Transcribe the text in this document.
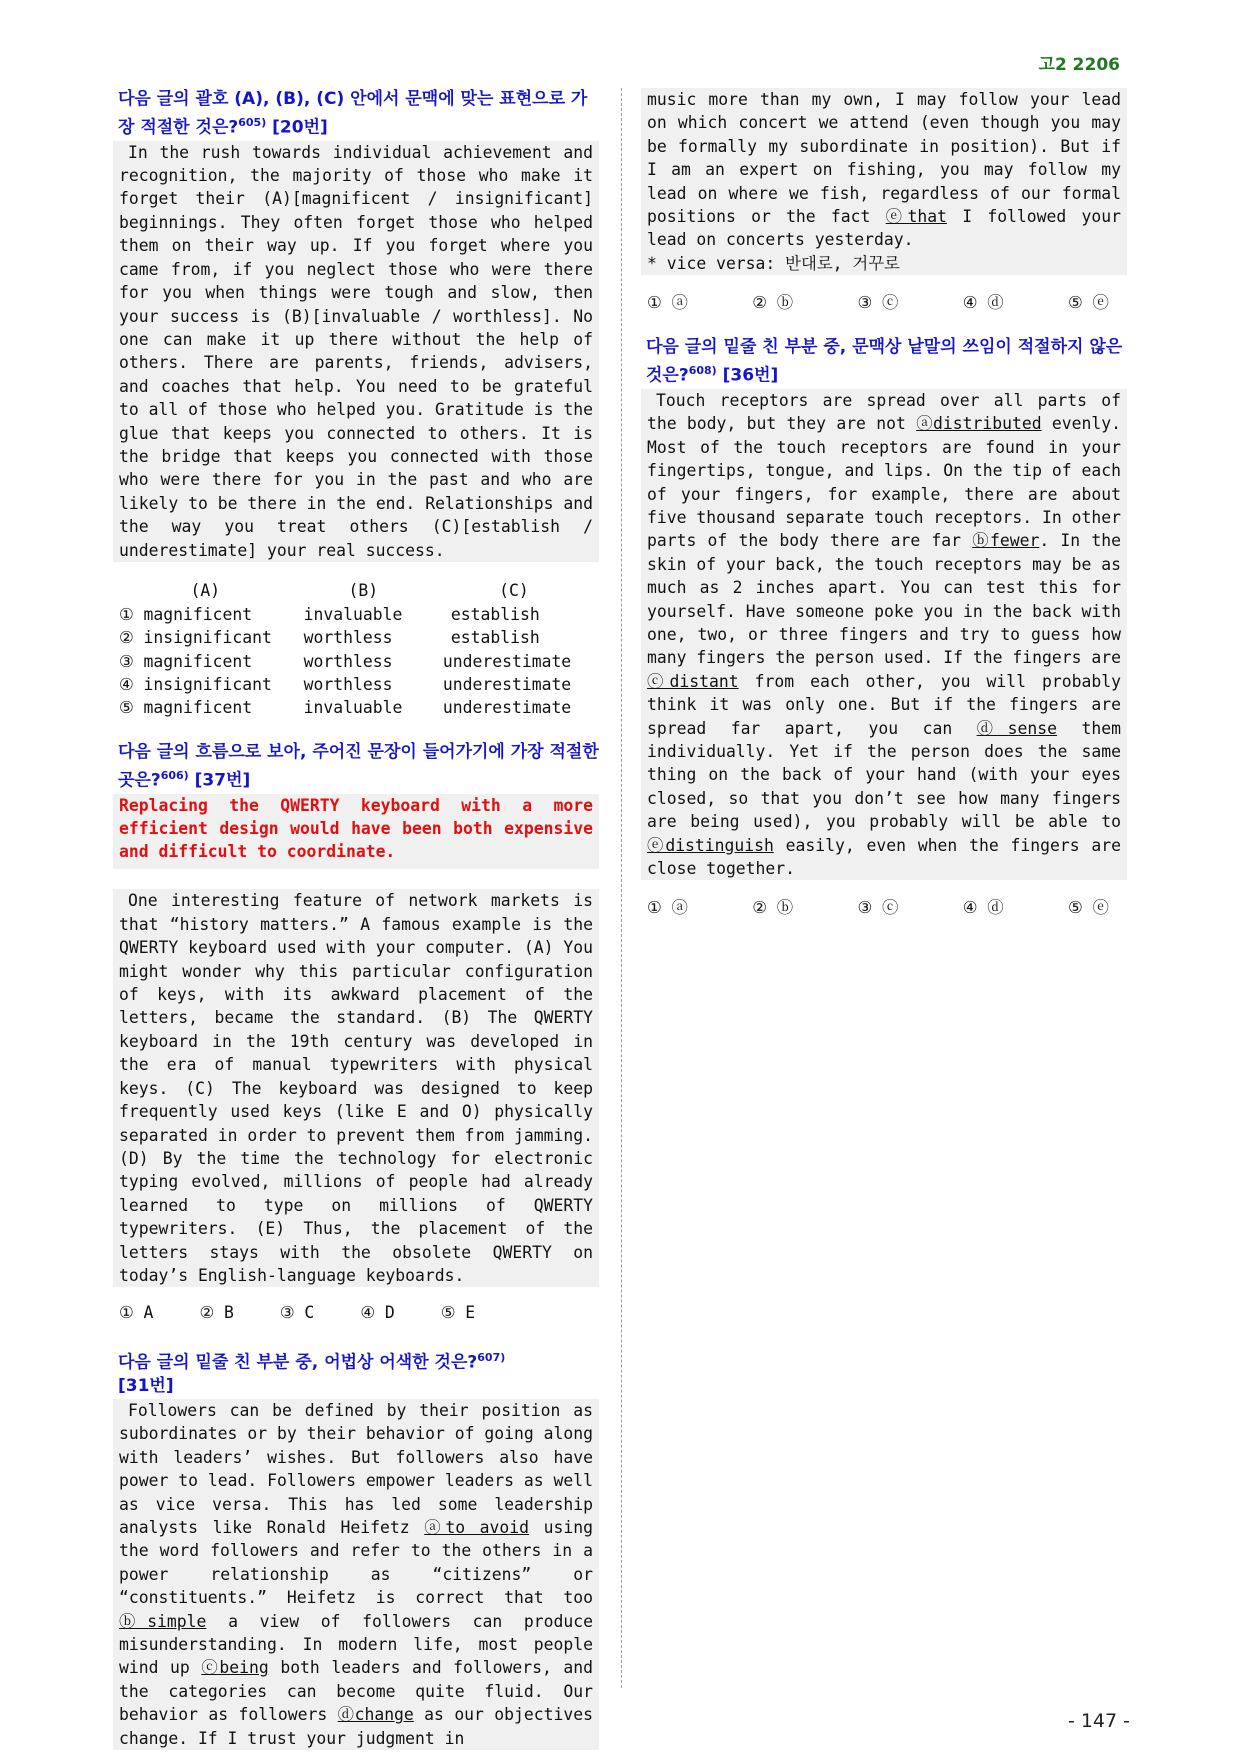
고2 2206
다음 글의 괄호 (A), (B), (C) 안에서 문맥에 맞는 표현으로 가장 적절한 것은?$^{605)}$ [20번]

In the rush towards individual achievement and recognition, the majority of those who make it forget their (A)[magnificent / insignificant] beginnings. They often forget those who helped them on their way up. If you forget where you came from, if you neglect those who were there for you when things were tough and slow, then your success is (B)[invaluable / worthless]. No one can make it up there without the help of others. There are parents, friends, advisers, and coaches that help. You need to be grateful to all of those who helped you. Gratitude is the glue that keeps you connected to others. It is the bridge that keeps you connected with those who were there for you in the past and who are likely to be there in the end. Relationships and the way you treat others (C)[establish / underestimate] your real success.

(A)	(B)	(C)
① magnificent	invaluable	establish
② insignificant	worthless	establish
③ magnificent	worthless	underestimate
④ insignificant	worthless	underestimate
⑤ magnificent	invaluable	underestimate
다음 글의 흐름으로 보아, 주어진 문장이 들어가기에 가장 적절한 곳은?$^{606)}$ [37번]
Replacing the QWERTY keyboard with a more efficient design would have been both expensive and difficult to coordinate.

One interesting feature of network markets is that “history matters.” A famous example is the QWERTY keyboard used with your computer. (A) You might wonder why this particular configuration of keys, with its awkward placement of the letters, became the standard. (B) The QWERTY keyboard in the 19th century was developed in the era of manual typewriters with physical keys. (C) The keyboard was designed to keep frequently used keys (like E and O) physically separated in order to prevent them from jamming. (D) By the time the technology for electronic typing evolved, millions of people had already learned to type on millions of QWERTY typewriters. (E) Thus, the placement of the letters stays with the obsolete QWERTY on today’s English-language keyboards.

① A	② B	③ C	④ D	⑤ E
다음 글의 밑줄 친 부분 중, 어법상 어색한 것은?$^{607)}$
[31번]

Followers can be defined by their position as subordinates or by their behavior of going along with leaders’ wishes. But followers also have power to lead. Followers empower leaders as well as vice versa. This has led some leadership analysts like Ronald Heifetz ⓐto avoid using the word followers and refer to the others in a power relationship as “citizens” or “constituents.” Heifetz is correct that too ⓑsimple a view of followers can produce misunderstanding. In modern life, most people wind up ⓒbeing both leaders and followers, and the categories can become quite fluid. Our behavior as followers ⓓchange as our objectives change. If I trust your judgment in

music more than my own, I may follow your lead on which concert we attend (even though you may be formally my subordinate in position). But if I am an expert on fishing, you may follow my lead on where we fish, regardless of our formal positions or the fact ⓔthat I followed your lead on concerts yesterday.

* vice versa: 반대로, 거꾸로

① ⓐ	② ⓑ	③ ⓒ	④ ⓓ	⑤ ⓔ
다음 글의 밑줄 친 부분 중, 문맥상 낱말의 쓰임이 적절하지 않은 것은?$^{608)}$ [36번]

Touch receptors are spread over all parts of the body, but they are not ⓐdistributed evenly. Most of the touch receptors are found in your fingertips, tongue, and lips. On the tip of each of your fingers, for example, there are about five thousand separate touch receptors. In other parts of the body there are far ⓑfewer. In the skin of your back, the touch receptors may be as much as 2 inches apart. You can test this for yourself. Have someone poke you in the back with one, two, or three fingers and try to guess how many fingers the person used. If the fingers are ⓒdistant from each other, you will probably think it was only one. But if the fingers are spread far apart, you can ⓓsense them individually. Yet if the person does the same thing on the back of your hand (with your eyes closed, so that you don’t see how many fingers are being used), you probably will be able to ⓔdistinguish easily, even when the fingers are close together.

① ⓐ	② ⓑ	③ ⓒ	④ ⓓ	⑤ ⓔ
- 147 -
